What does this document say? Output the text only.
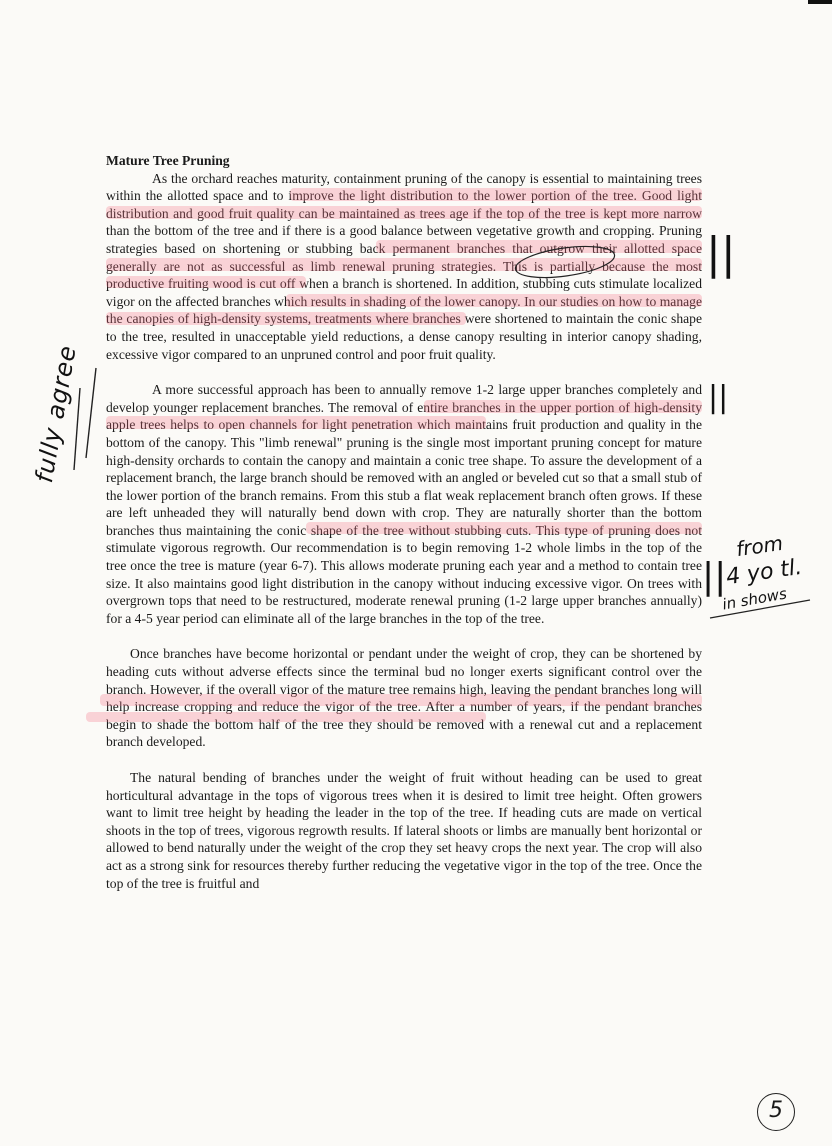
Mature Tree Pruning

As the orchard reaches maturity, containment pruning of the canopy is essential to maintaining trees within the allotted space and to improve the light distribution to the lower portion of the tree. Good light distribution and good fruit quality can be maintained as trees age if the top of the tree is kept more narrow than the bottom of the tree and if there is a good balance between vegetative growth and cropping. Pruning strategies based on shortening or stubbing back permanent branches that outgrow their allotted space generally are not as successful as limb renewal pruning strategies. This is partially because the most productive fruiting wood is cut off when a branch is shortened. In addition, stubbing cuts stimulate localized vigor on the affected branches which results in shading of the lower canopy. In our studies on how to manage the canopies of high-density systems, treatments where branches were shortened to maintain the conic shape to the tree, resulted in unacceptable yield reductions, a dense canopy resulting in interior canopy shading, excessive vigor compared to an unpruned control and poor fruit quality.

A more successful approach has been to annually remove 1-2 large upper branches completely and develop younger replacement branches. The removal of entire branches in the upper portion of high-density apple trees helps to open channels for light penetration which maintains fruit production and quality in the bottom of the canopy. This "limb renewal" pruning is the single most important pruning concept for mature high-density orchards to contain the canopy and maintain a conic tree shape. To assure the development of a replacement branch, the large branch should be removed with an angled or beveled cut so that a small stub of the lower portion of the branch remains. From this stub a flat weak replacement branch often grows. If these are left unheaded they will naturally bend down with crop. They are naturally shorter than the bottom branches thus maintaining the conic shape of the tree without stubbing cuts. This type of pruning does not stimulate vigorous regrowth. Our recommendation is to begin removing 1-2 whole limbs in the top of the tree once the tree is mature (year 6-7). This allows moderate pruning each year and a method to contain tree size. It also maintains good light distribution in the canopy without inducing excessive vigor. On trees with overgrown tops that need to be restructured, moderate renewal pruning (1-2 large upper branches annually) for a 4-5 year period can eliminate all of the large branches in the top of the tree.

Once branches have become horizontal or pendant under the weight of crop, they can be shortened by heading cuts without adverse effects since the terminal bud no longer exerts significant control over the branch. However, if the overall vigor of the mature tree remains high, leaving the pendant branches long will help increase cropping and reduce the vigor of the tree. After a number of years, if the pendant branches begin to shade the bottom half of the tree they should be removed with a renewal cut and a replacement branch developed.

The natural bending of branches under the weight of fruit without heading can be used to great horticultural advantage in the tops of vigorous trees when it is desired to limit tree height. Often growers want to limit tree height by heading the leader in the top of the tree. If heading cuts are made on vertical shoots in the top of trees, vigorous regrowth results. If lateral shoots or limbs are manually bent horizontal or allowed to bend naturally under the weight of the crop they set heavy crops the next year. The crop will also act as a strong sink for resources thereby further reducing the vegetative vigor in the top of the tree. Once the top of the tree is fruitful and

fully agree
||
||
||
from
4 yo tl.
in shows
5
